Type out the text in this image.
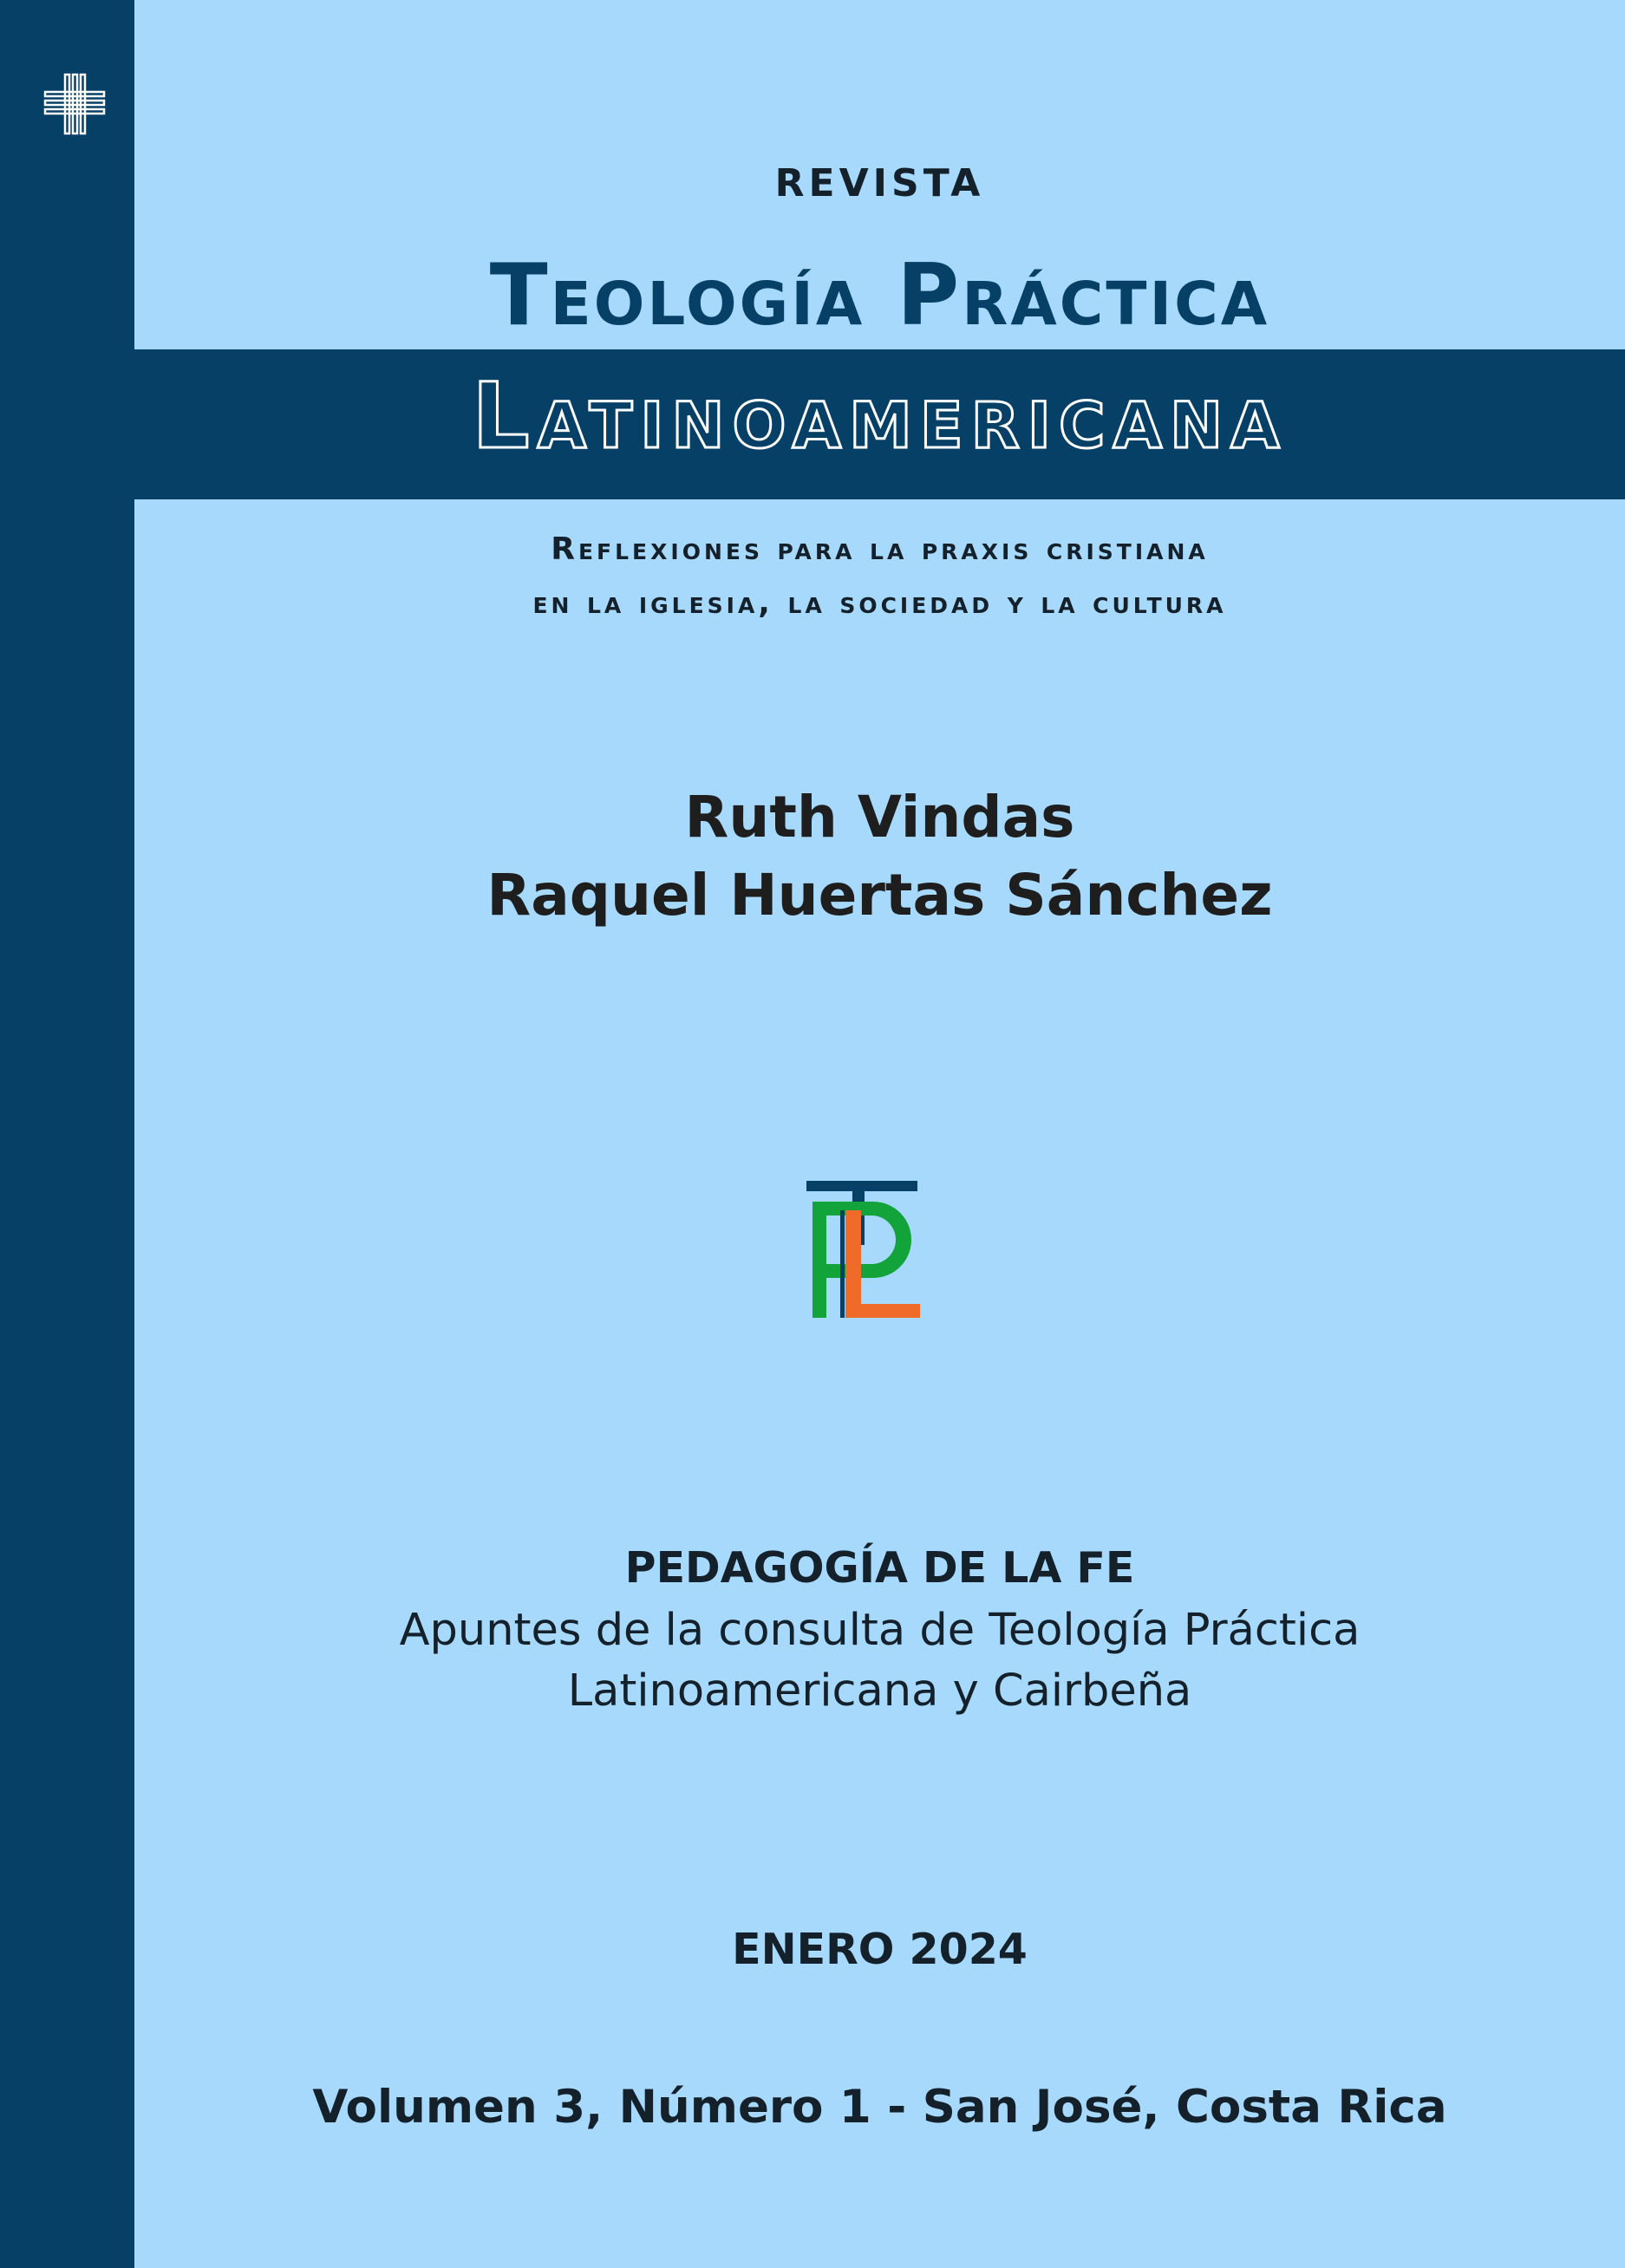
REVISTA

Teología Práctica

Latinoamericana

Reflexiones para la praxis cristiana
en la iglesia, la sociedad y la cultura

Ruth Vindas

Raquel Huertas Sánchez

PEDAGOGÍA DE LA FE

Apuntes de la consulta de Teología Práctica
Latinoamericana y Cairbeña

ENERO 2024

Volumen 3, Número 1 - San José, Costa Rica
